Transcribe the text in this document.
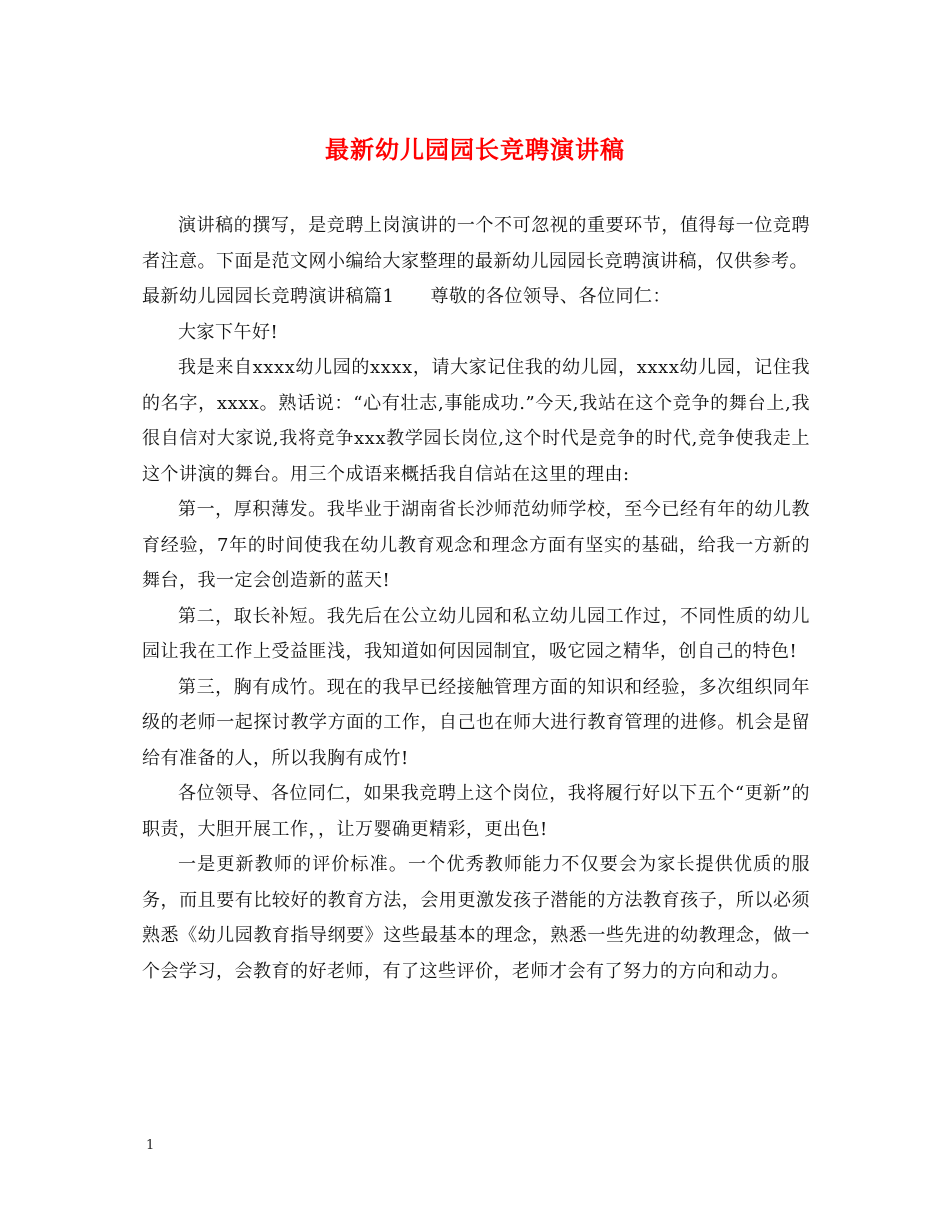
最新幼儿园园长竞聘演讲稿

演讲稿的撰写，是竞聘上岗演讲的一个不可忽视的重要环节，值得每一位竞聘者注意。下面是范文网小编给大家整理的最新幼儿园园长竞聘演讲稿，仅供参考。

最新幼儿园园长竞聘演讲稿篇1 尊敬的各位领导、各位同仁：

大家下午好!

我是来自xxxx幼儿园的xxxx，请大家记住我的幼儿园，xxxx幼儿园，记住我的名字，xxxx。熟话说：“心有壮志,事能成功.”今天,我站在这个竞争的舞台上,我很自信对大家说,我将竞争xxx教学园长岗位,这个时代是竞争的时代,竞争使我走上这个讲演的舞台。用三个成语来概括我自信站在这里的理由:

第一，厚积薄发。我毕业于湖南省长沙师范幼师学校，至今已经有年的幼儿教育经验，7年的时间使我在幼儿教育观念和理念方面有坚实的基础，给我一方新的舞台，我一定会创造新的蓝天!

第二，取长补短。我先后在公立幼儿园和私立幼儿园工作过，不同性质的幼儿园让我在工作上受益匪浅，我知道如何因园制宜，吸它园之精华，创自己的特色!

第三，胸有成竹。现在的我早已经接触管理方面的知识和经验，多次组织同年级的老师一起探讨教学方面的工作，自己也在师大进行教育管理的进修。机会是留给有准备的人，所以我胸有成竹!

各位领导、各位同仁，如果我竞聘上这个岗位，我将履行好以下五个“更新”的职责，大胆开展工作，，让万婴确更精彩，更出色!

一是更新教师的评价标准。一个优秀教师能力不仅要会为家长提供优质的服务，而且要有比较好的教育方法，会用更激发孩子潜能的方法教育孩子，所以必须熟悉《幼儿园教育指导纲要》这些最基本的理念，熟悉一些先进的幼教理念，做一个会学习，会教育的好老师，有了这些评价，老师才会有了努力的方向和动力。

1
